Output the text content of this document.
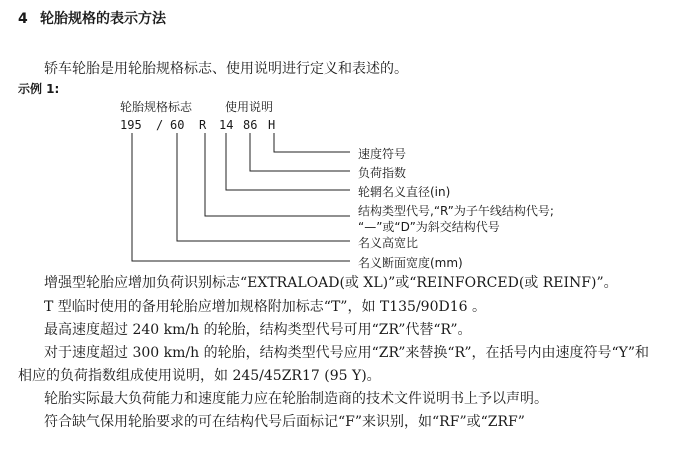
4 轮胎规格的表示方法
轿车轮胎是用轮胎规格标志、使用说明进行定义和表述的。
示例 1:
轮胎规格标志	使用说明
195 / 60 R 14 86 H
速度符号
负荷指数
轮辋名义直径(in)
结构类型代号,“R”为子午线结构代号;
“—”或“D”为斜交结构代号
名义高宽比
名义断面宽度(mm)
增强型轮胎应增加负荷识别标志“EXTRALOAD(或 XL)”或“REINFORCED(或 REINF)”。
T 型临时使用的备用轮胎应增加规格附加标志“T”，如 T135/90D16 。
最高速度超过 240 km/h 的轮胎，结构类型代号可用“ZR”代替“R”。
对于速度超过 300 km/h 的轮胎，结构类型代号应用“ZR”来替换“R”，在括号内由速度符号“Y”和
相应的负荷指数组成使用说明，如 245/45ZR17 (95 Y)。
轮胎实际最大负荷能力和速度能力应在轮胎制造商的技术文件说明书上予以声明。
符合缺气保用轮胎要求的可在结构代号后面标记“F”来识别，如“RF”或“ZRF”
